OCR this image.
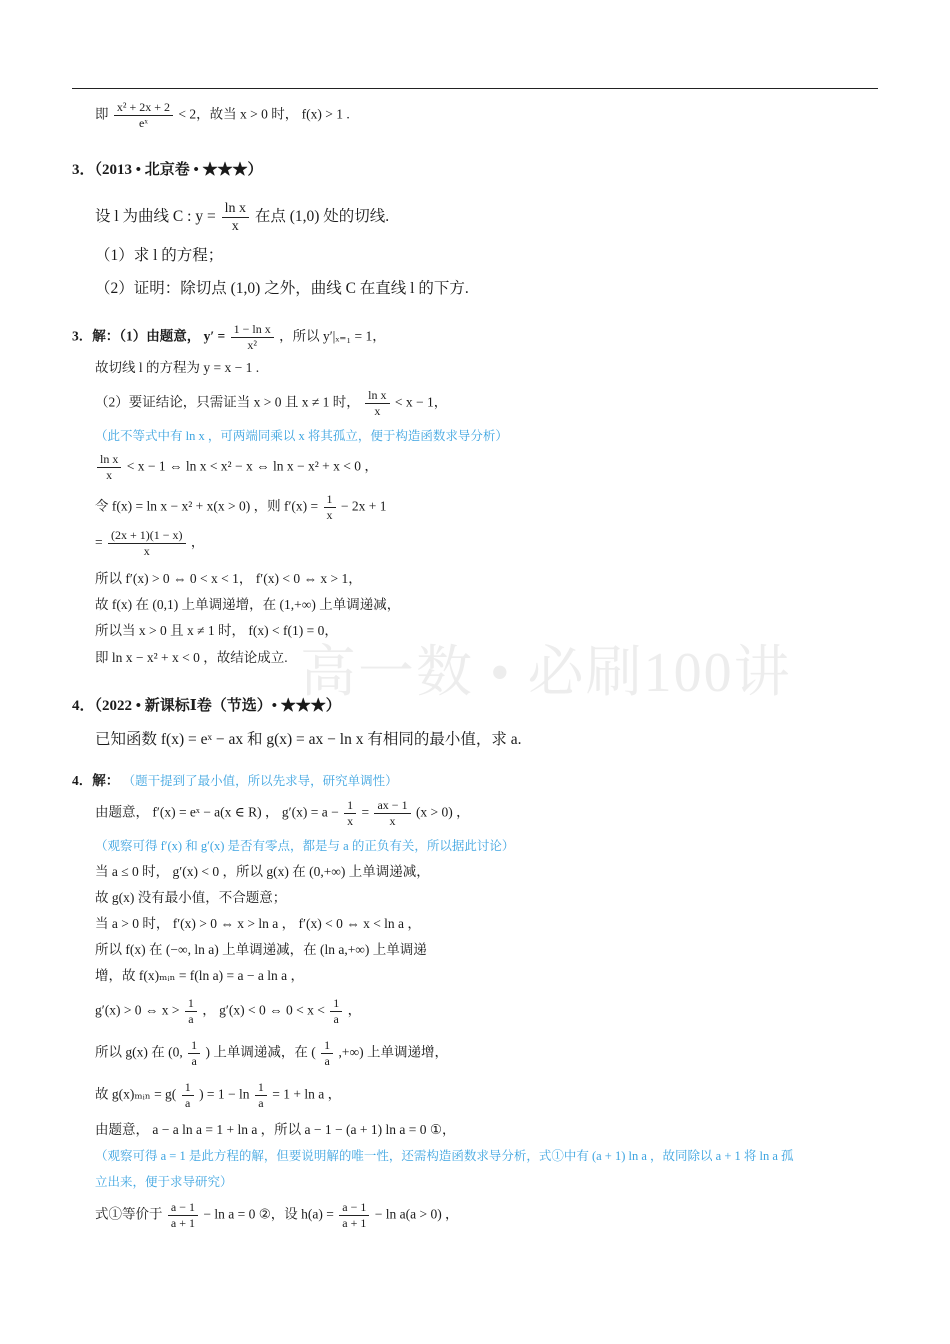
高一数 • 必刷100讲
即 $\frac{\text{x² + 2x + 2}}{\text{eˣ}} < 2$，故当 x > 0 时， f(x) > 1 .
3．（2013 • 北京卷 • ★★★）
设 l 为曲线 C : $y = \frac{\text{ln x}}{x}$ 在点 (1,0) 处的切线.
（1）求 l 的方程；
（2）证明：除切点 (1,0) 之外，曲线 C 在直线 l 的下方.
3．解：（1）由题意， $y' = \frac{\text{1 − ln x}}{\text{x²}}$ ，所以 y′|ₓ₌₁ = 1，
故切线 l 的方程为 y = x − 1 .
（2）要证结论，只需证当 x > 0 且 x ≠ 1 时， $\frac{\text{ln x}}{x} < x - 1$，
（此不等式中有 ln x ，可两端同乘以 x 将其孤立，便于构造函数求导分析）
$\frac{\text{ln x}}{x} < x - 1$ ⇔ ln x < x² − x ⇔ ln x − x² + x < 0 ，
令 f(x) = ln x − x² + x(x > 0) ，则 $f'(x) = \frac{1}{x} - 2x + 1$
= $\frac{(2x + 1)(1 - x)}{x}$ ，
所以 f′(x) > 0 ⇔ 0 < x < 1， f′(x) < 0 ⇔ x > 1，
故 f(x) 在 (0,1) 上单调递增，在 (1,+∞) 上单调递减，
所以当 x > 0 且 x ≠ 1 时， f(x) < f(1) = 0，
即 ln x − x² + x < 0 ，故结论成立.
4．（2022 • 新课标Ⅰ卷（节选）• ★★★）
已知函数 f(x) = eˣ − ax 和 g(x) = ax − ln x 有相同的最小值，求 a.
4．解： （题干提到了最小值，所以先求导，研究单调性）
由题意， f′(x) = eˣ − a(x ∈ R) ， $g'(x) = a - \frac{1}{x} = \frac{ax - 1}{x} (x > 0)$ ，
（观察可得 f′(x) 和 g′(x) 是否有零点，都是与 a 的正负有关，所以据此讨论）
当 a ≤ 0 时， g′(x) < 0 ，所以 g(x) 在 (0,+∞) 上单调递减，
故 g(x) 没有最小值，不合题意；
当 a > 0 时， f′(x) > 0 ⇔ x > ln a ， f′(x) < 0 ⇔ x < ln a ，
所以 f(x) 在 (−∞, ln a) 上单调递减，在 (ln a,+∞) 上单调递
增，故 f(x)ₘᵢₙ = f(ln a) = a − a ln a ，
g′(x) > 0 ⇔ $x > \frac{1}{a}$ ， g′(x) < 0 ⇔ $0 < x < \frac{1}{a}$ ，
所以 g(x) 在 (0, $\frac{1}{a}$ ) 上单调递减，在 ( $\frac{1}{a}$ ,+∞) 上单调递增，
故 g(x)ₘᵢₙ = $g( \frac{1}{a}$ ) = $1 - \ln \frac{1}{a} = 1 + \ln a$ ，
由题意， a − a ln a = 1 + ln a ，所以 a − 1 − (a + 1) ln a = 0 ①，
（观察可得 a = 1 是此方程的解，但要说明解的唯一性，还需构造函数求导分析，式①中有 (a + 1) ln a ，故同除以 a + 1 将 ln a 孤
立出来，便于求导研究）
式①等价于 $\frac{a - 1}{a + 1} - \ln a = 0$ ②，设 $h(a) = \frac{a - 1}{a + 1} - \ln a(a > 0)$ ，
